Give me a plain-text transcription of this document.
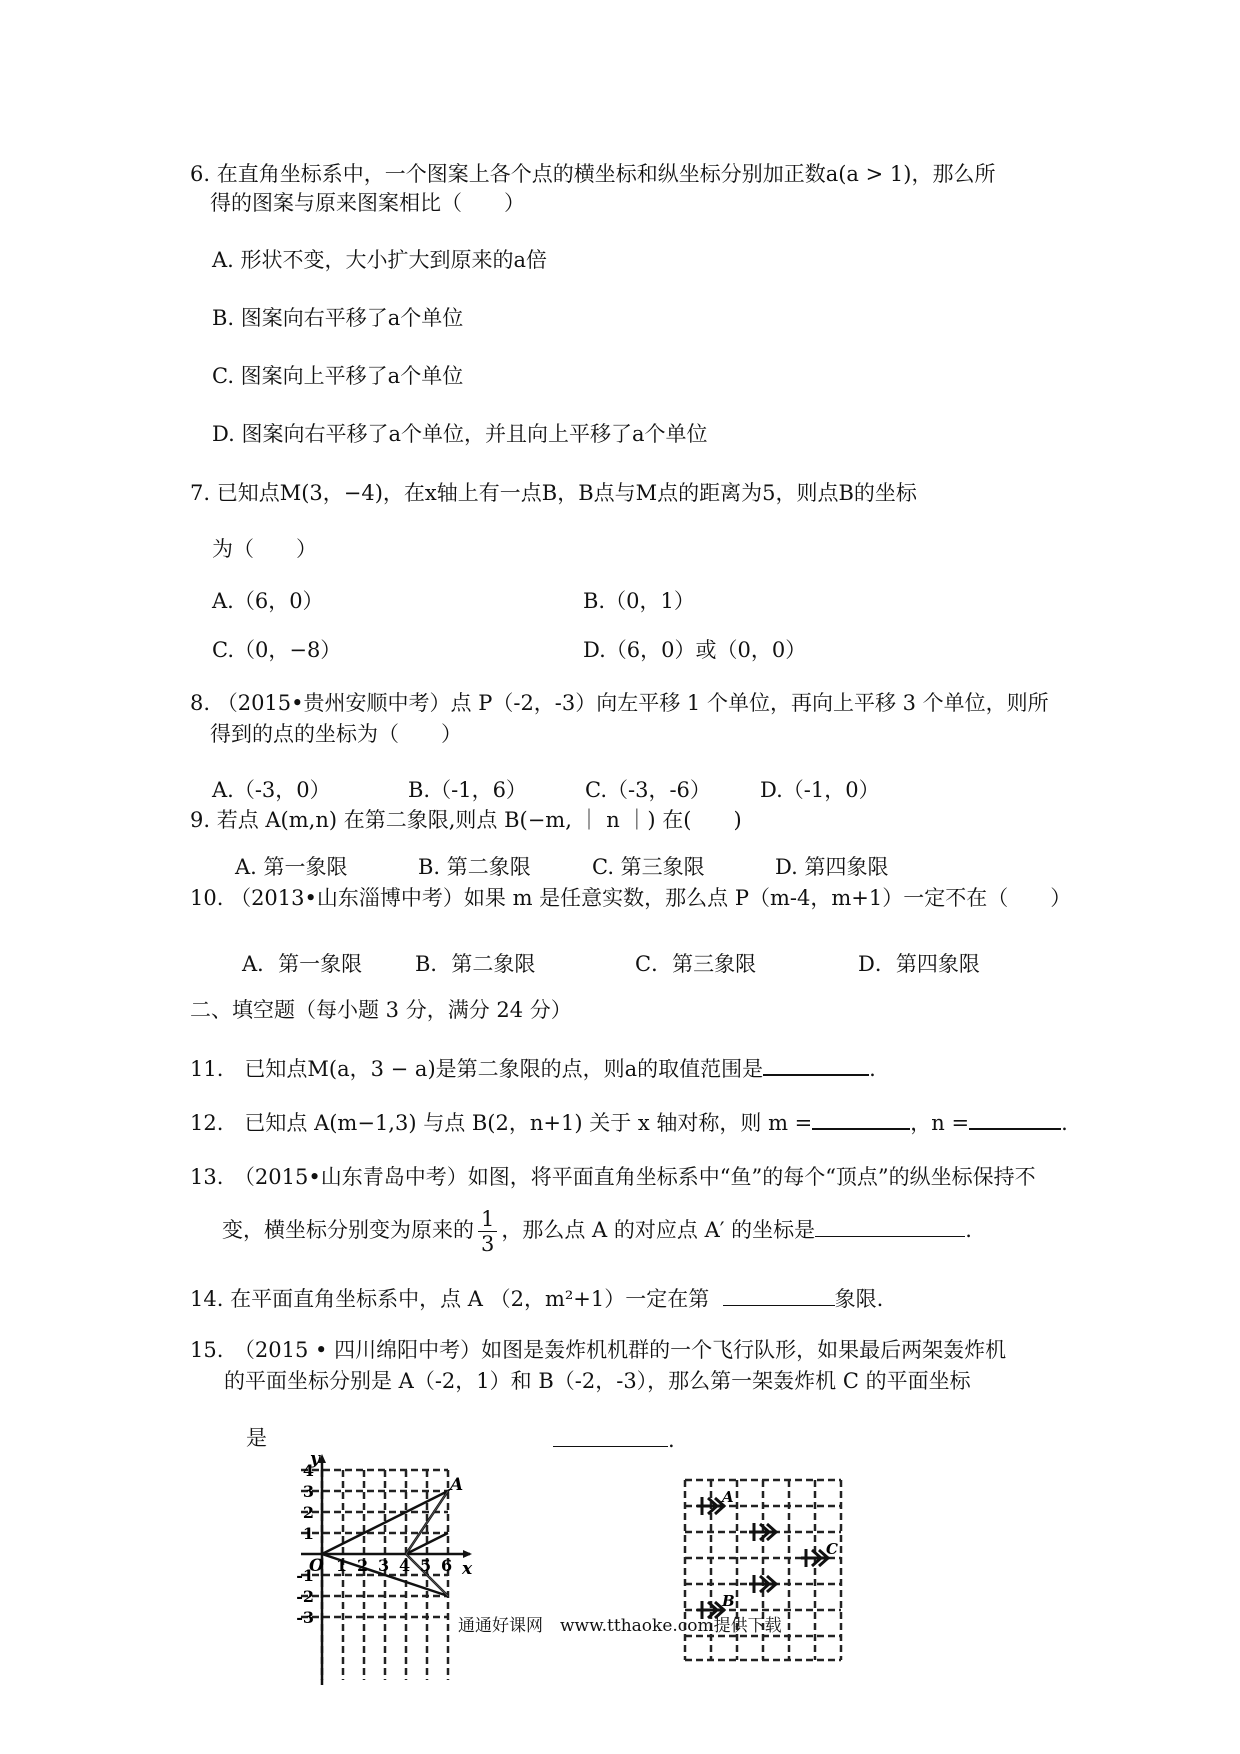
6. 在直角坐标系中，一个图案上各个点的横坐标和纵坐标分别加正数a(a > 1)，那么所
得的图案与原来图案相比（　　）
A. 形状不变，大小扩大到原来的a倍
B. 图案向右平移了a个单位
C. 图案向上平移了a个单位
D. 图案向右平移了a个单位，并且向上平移了a个单位
7. 已知点M(3，−4)，在x轴上有一点B，B点与M点的距离为5，则点B的坐标
为（　　）
A.（6，0）	B.（0，1）
C.（0，−8）	D.（6，0）或（0，0）
8. （2015•贵州安顺中考）点 P（-2，-3）向左平移 1 个单位，再向上平移 3 个单位，则所
得到的点的坐标为（　　）
A.（-3，0）	B.（-1，6）	C.（-3，-6） D.（-1，0）
9. 若点 A(m,n) 在第二象限,则点 B(−m, ｜ n ｜) 在(　　)
A. 第一象限	B. 第二象限	C. 第三象限	D. 第四象限
10. （2013•山东淄博中考）如果 m 是任意实数，那么点 P（m-4，m+1）一定不在（　　）
A．第一象限	B．第二象限	C．第三象限	D．第四象限
二、填空题（每小题 3 分，满分 24 分）
11.　已知点M(a，3 − a)是第二象限的点，则a的取值范围是	.
12.　已知点 A(m−1,3) 与点 B(2，n+1) 关于 x 轴对称，则 m =	，n =	.
13.　（2015•山东青岛中考）如图，将平面直角坐标系中“鱼”的每个“顶点”的纵坐标保持不
变，横坐标分别变为原来的 $\frac{1}{3}$ ，那么点 A 的对应点 A′ 的坐标是	.
14. 在平面直角坐标系中，点 A （2，m²+1）一定在第	象限.
15.　（2015 • 四川绵阳中考）如图是轰炸机机群的一个飞行队形，如果最后两架轰炸机
的平面坐标分别是 A（-2，1）和 B（-2，-3），那么第一架轰炸机 C 的平面坐标
是	.
y
x
O
A
1 2 3 4 5 6
4
3
2
1
-1
-2
-3
A
C
B
通通好课网　www.tthaoke.com提供下载
